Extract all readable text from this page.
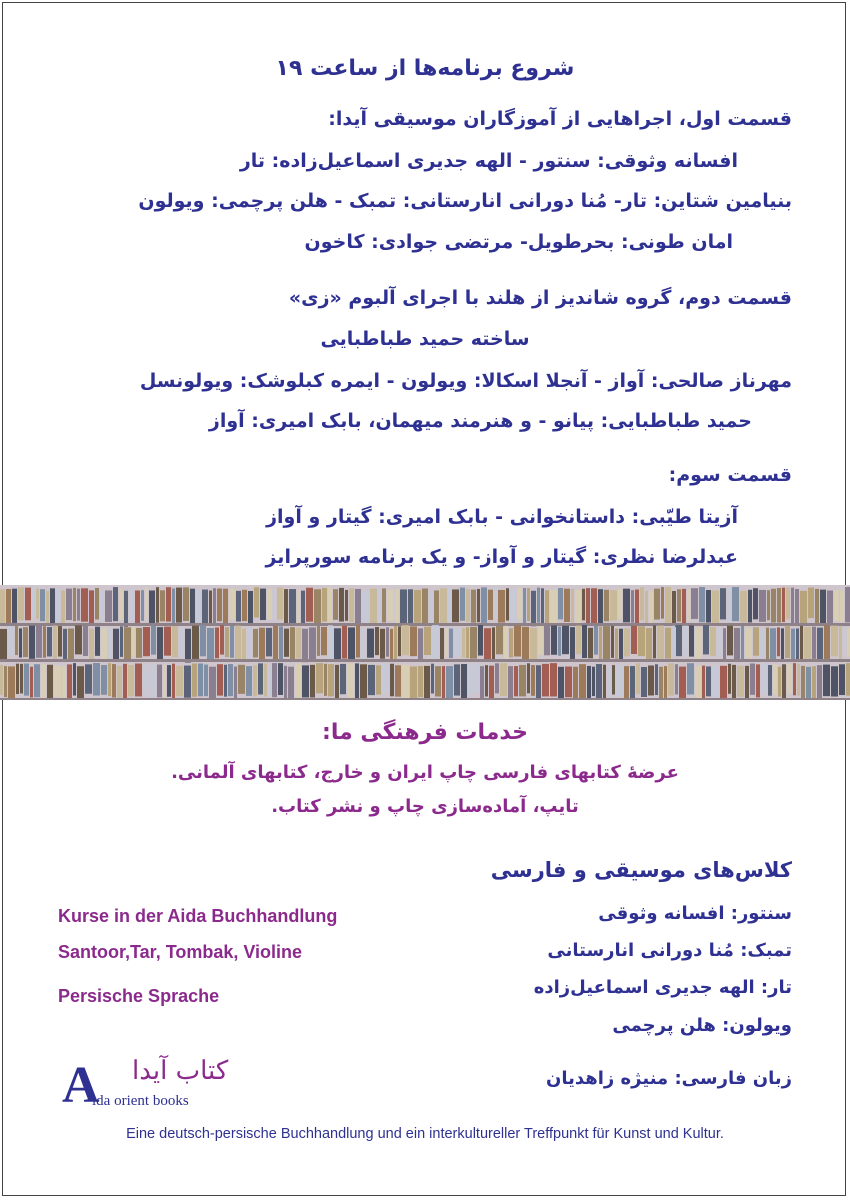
شروع برنامه‌ها از ساعت ۱۹
قسمت اول، اجراهایی از آموزگاران موسیقی آیدا:
افسانه وثوقی: سنتور - الهه جدیری اسماعیل‌زاده: تار
بنیامین شتاین: تار- مُنا دورانی انارستانی: تمبک - هلن پرچمی: ویولون
امان طونی: بحرطویل- مرتضی جوادی: کاخون
قسمت دوم، گروه شاندیز از هلند با اجرای آلبوم «زی»
ساخته حمید طباطبایی
مهرناز صالحی: آواز - آنجلا اسکالا: ویولون - ایمره کبلوشک: ویولونسل
حمید طباطبایی: پیانو - و هنرمند میهمان، بابک امیری: آواز
قسمت سوم:
آزیتا طیّبی: داستانخوانی - بابک امیری: گیتار و آواز
عبدلرضا نظری: گیتار و آواز- و یک برنامه سورپرایز
خدمات فرهنگی ما:
عرضۀ کتابهای فارسی چاپ ایران و خارج، کتابهای آلمانی.
تایپ، آماده‌سازی چاپ و نشر کتاب.
کلاس‌های موسیقی و فارسی
سنتور: افسانه وثوقی
تمبک: مُنا دورانی انارستانی
تار: الهه جدیری اسماعیل‌زاده
ویولون: هلن پرچمی
زبان فارسی: منیژه زاهدیان
Kurse in der Aida Buchhandlung
Santoor,Tar, Tombak, Violine
Persische Sprache
A کتاب آیدا
ida orient books
Eine deutsch-persische Buchhandlung und ein interkultureller Treffpunkt für Kunst und Kultur.
